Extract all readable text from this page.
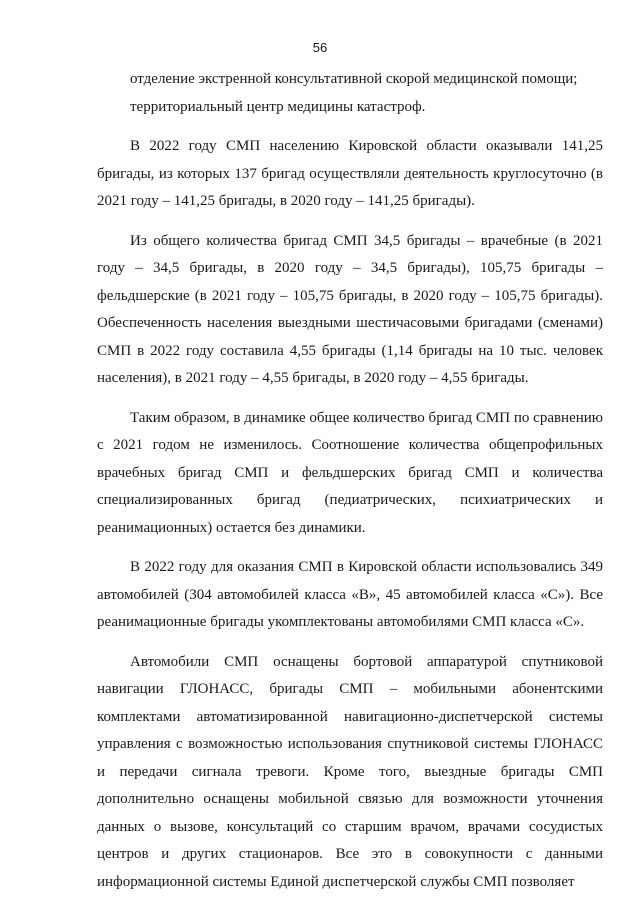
56

отделение экстренной консультативной скорой медицинской помощи;

территориальный центр медицины катастроф.

В 2022 году СМП населению Кировской области оказывали 141,25 бригады, из которых 137 бригад осуществляли деятельность круглосуточно (в 2021 году – 141,25 бригады, в 2020 году – 141,25 бригады).

Из общего количества бригад СМП 34,5 бригады – врачебные (в 2021 году – 34,5 бригады, в 2020 году – 34,5 бригады), 105,75 бригады – фельдшерские (в 2021 году – 105,75 бригады, в 2020 году – 105,75 бригады). Обеспеченность населения выездными шестичасовыми бригадами (сменами) СМП в 2022 году составила 4,55 бригады (1,14 бригады на 10 тыс. человек населения), в 2021 году – 4,55 бригады, в 2020 году – 4,55 бригады.

Таким образом, в динамике общее количество бригад СМП по сравнению с 2021 годом не изменилось. Соотношение количества общепрофильных врачебных бригад СМП и фельдшерских бригад СМП и количества специализированных бригад (педиатрических, психиатрических и реанимационных) остается без динамики.

В 2022 году для оказания СМП в Кировской области использовались 349 автомобилей (304 автомобилей класса «В», 45 автомобилей класса «С»). Все реанимационные бригады укомплектованы автомобилями СМП класса «С».

Автомобили СМП оснащены бортовой аппаратурой спутниковой навигации ГЛОНАСС, бригады СМП – мобильными абонентскими комплектами автоматизированной навигационно-диспетчерской системы управления с возможностью использования спутниковой системы ГЛОНАСС и передачи сигнала тревоги. Кроме того, выездные бригады СМП дополнительно оснащены мобильной связью для возможности уточнения данных о вызове, консультаций со старшим врачом, врачами сосудистых центров и других стационаров. Все это в совокупности с данными информационной системы Единой диспетчерской службы СМП позволяет
